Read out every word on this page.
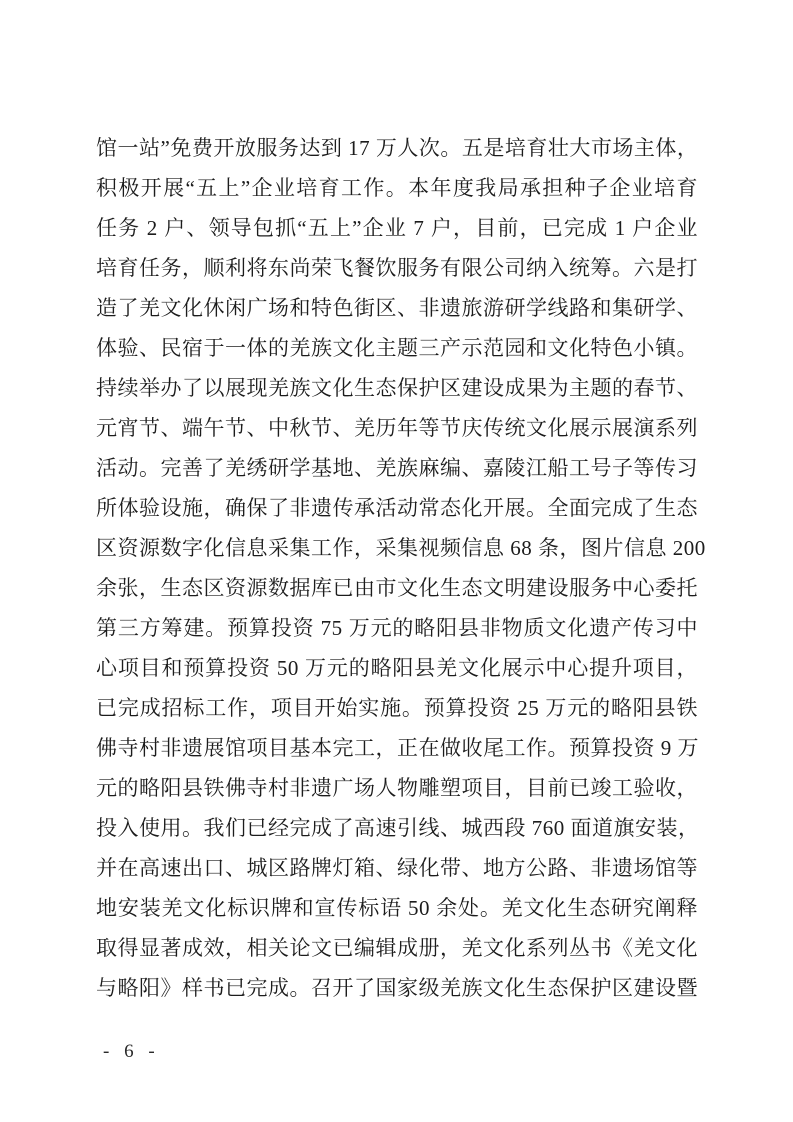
馆一站”免费开放服务达到 17 万人次。五是培育壮大市场主体，
积极开展“五上”企业培育工作。本年度我局承担种子企业培育
任务 2 户、领导包抓“五上”企业 7 户，目前，已完成 1 户企业
培育任务，顺利将东尚荣飞餐饮服务有限公司纳入统筹。六是打
造了羌文化休闲广场和特色街区、非遗旅游研学线路和集研学、
体验、民宿于一体的羌族文化主题三产示范园和文化特色小镇。
持续举办了以展现羌族文化生态保护区建设成果为主题的春节、
元宵节、端午节、中秋节、羌历年等节庆传统文化展示展演系列
活动。完善了羌绣研学基地、羌族麻编、嘉陵江船工号子等传习
所体验设施，确保了非遗传承活动常态化开展。全面完成了生态
区资源数字化信息采集工作，采集视频信息 68 条，图片信息 200
余张，生态区资源数据库已由市文化生态文明建设服务中心委托
第三方筹建。预算投资 75 万元的略阳县非物质文化遗产传习中
心项目和预算投资 50 万元的略阳县羌文化展示中心提升项目，
已完成招标工作，项目开始实施。预算投资 25 万元的略阳县铁
佛寺村非遗展馆项目基本完工，正在做收尾工作。预算投资 9 万
元的略阳县铁佛寺村非遗广场人物雕塑项目，目前已竣工验收，
投入使用。我们已经完成了高速引线、城西段 760 面道旗安装，
并在高速出口、城区路牌灯箱、绿化带、地方公路、非遗场馆等
地安装羌文化标识牌和宣传标语 50 余处。羌文化生态研究阐释
取得显著成效，相关论文已编辑成册，羌文化系列丛书《羌文化
与略阳》样书已完成。召开了国家级羌族文化生态保护区建设暨
- 6 -
